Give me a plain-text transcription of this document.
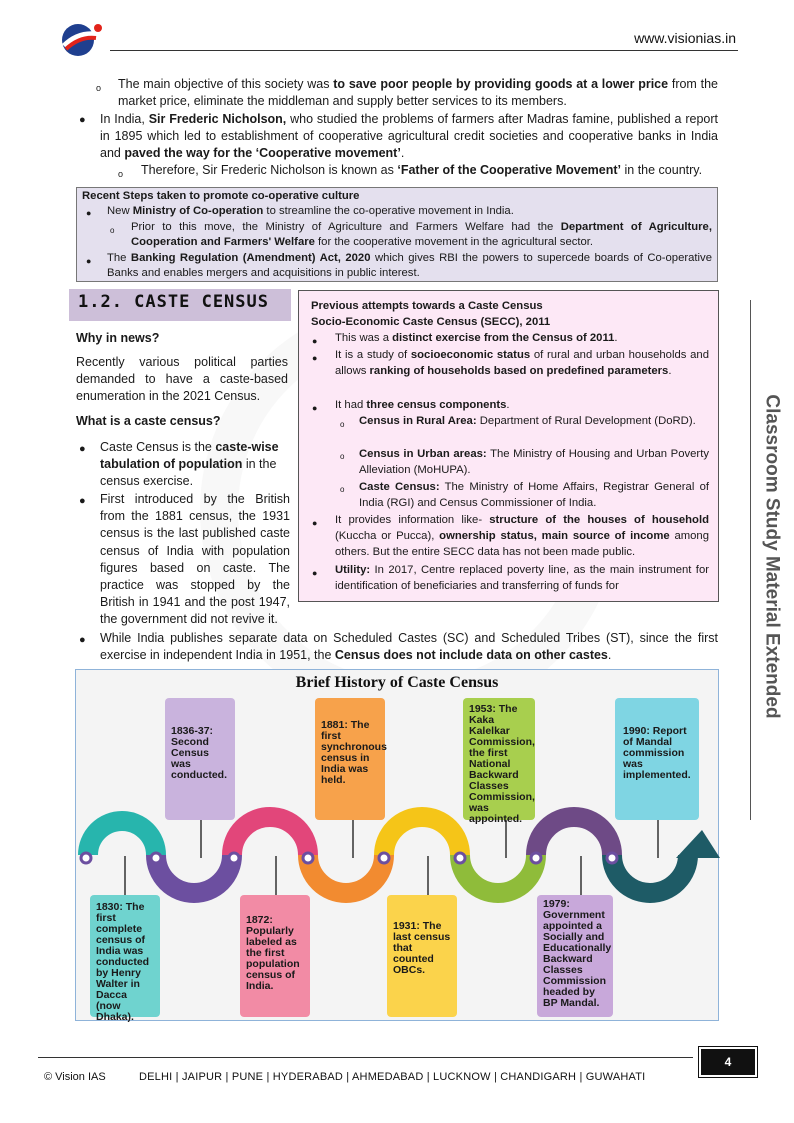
www.visionias.in
o The main objective of this society was to save poor people by providing goods at a lower price from the market price, eliminate the middleman and supply better services to its members.
● In India, Sir Frederic Nicholson, who studied the problems of farmers after Madras famine, published a report in 1895 which led to establishment of cooperative agricultural credit societies and cooperative banks in India and paved the way for the ‘Cooperative movement’.
o Therefore, Sir Frederic Nicholson is known as ‘Father of the Cooperative Movement’ in the country.
Recent Steps taken to promote co-operative culture
● New Ministry of Co-operation to streamline the co-operative movement in India.
o Prior to this move, the Ministry of Agriculture and Farmers Welfare had the Department of Agriculture, Cooperation and Farmers' Welfare for the cooperative movement in the agricultural sector.
● The Banking Regulation (Amendment) Act, 2020 which gives RBI the powers to supercede boards of Co-operative Banks and enables mergers and acquisitions in public interest.
1.2. CASTE CENSUS
Why in news?
Recently various political parties demanded to have a caste-based enumeration in the 2021 Census.
What is a caste census?
● Caste Census is the caste-wise tabulation of population in the census exercise.
● First introduced by the British from the 1881 census, the 1931 census is the last published caste census of India with population figures based on caste. The practice was stopped by the British in 1941 and the post 1947, the government did not revive it.
● While India publishes separate data on Scheduled Castes (SC) and Scheduled Tribes (ST), since the first exercise in independent India in 1951, the Census does not include data on other castes.
Previous attempts towards a Caste Census
Socio-Economic Caste Census (SECC), 2011
● This was a distinct exercise from the Census of 2011.
● It is a study of socioeconomic status of rural and urban households and allows ranking of households based on predefined parameters.
● It had three census components.
o Census in Rural Area: Department of Rural Development (DoRD).
o Census in Urban areas: The Ministry of Housing and Urban Poverty Alleviation (MoHUPA).
o Caste Census: The Ministry of Home Affairs, Registrar General of India (RGI) and Census Commissioner of India.
● It provides information like- structure of the houses of household (Kuccha or Pucca), ownership status, main source of income among others. But the entire SECC data has not been made public.
● Utility: In 2017, Centre replaced poverty line, as the main instrument for identification of beneficiaries and transferring of funds for
Brief History of Caste Census
1830: The first complete census of India was conducted by Henry Walter in Dacca (now Dhaka).
1836-37: Second Census was conducted.
1872: Popularly labeled as the first population census of India.
1881: The first synchronous census in India was held.
1931: The last census that counted OBCs.
1953: The Kaka Kalelkar Commission, the first National Backward Classes Commission, was appointed.
1979: Government appointed a Socially and Educationally Backward Classes Commission headed by BP Mandal.
1990: Report of Mandal commission was implemented.
Classroom Study Material Extended
© Vision IAS	DELHI | JAIPUR | PUNE | HYDERABAD | AHMEDABAD | LUCKNOW | CHANDIGARH | GUWAHATI
4
